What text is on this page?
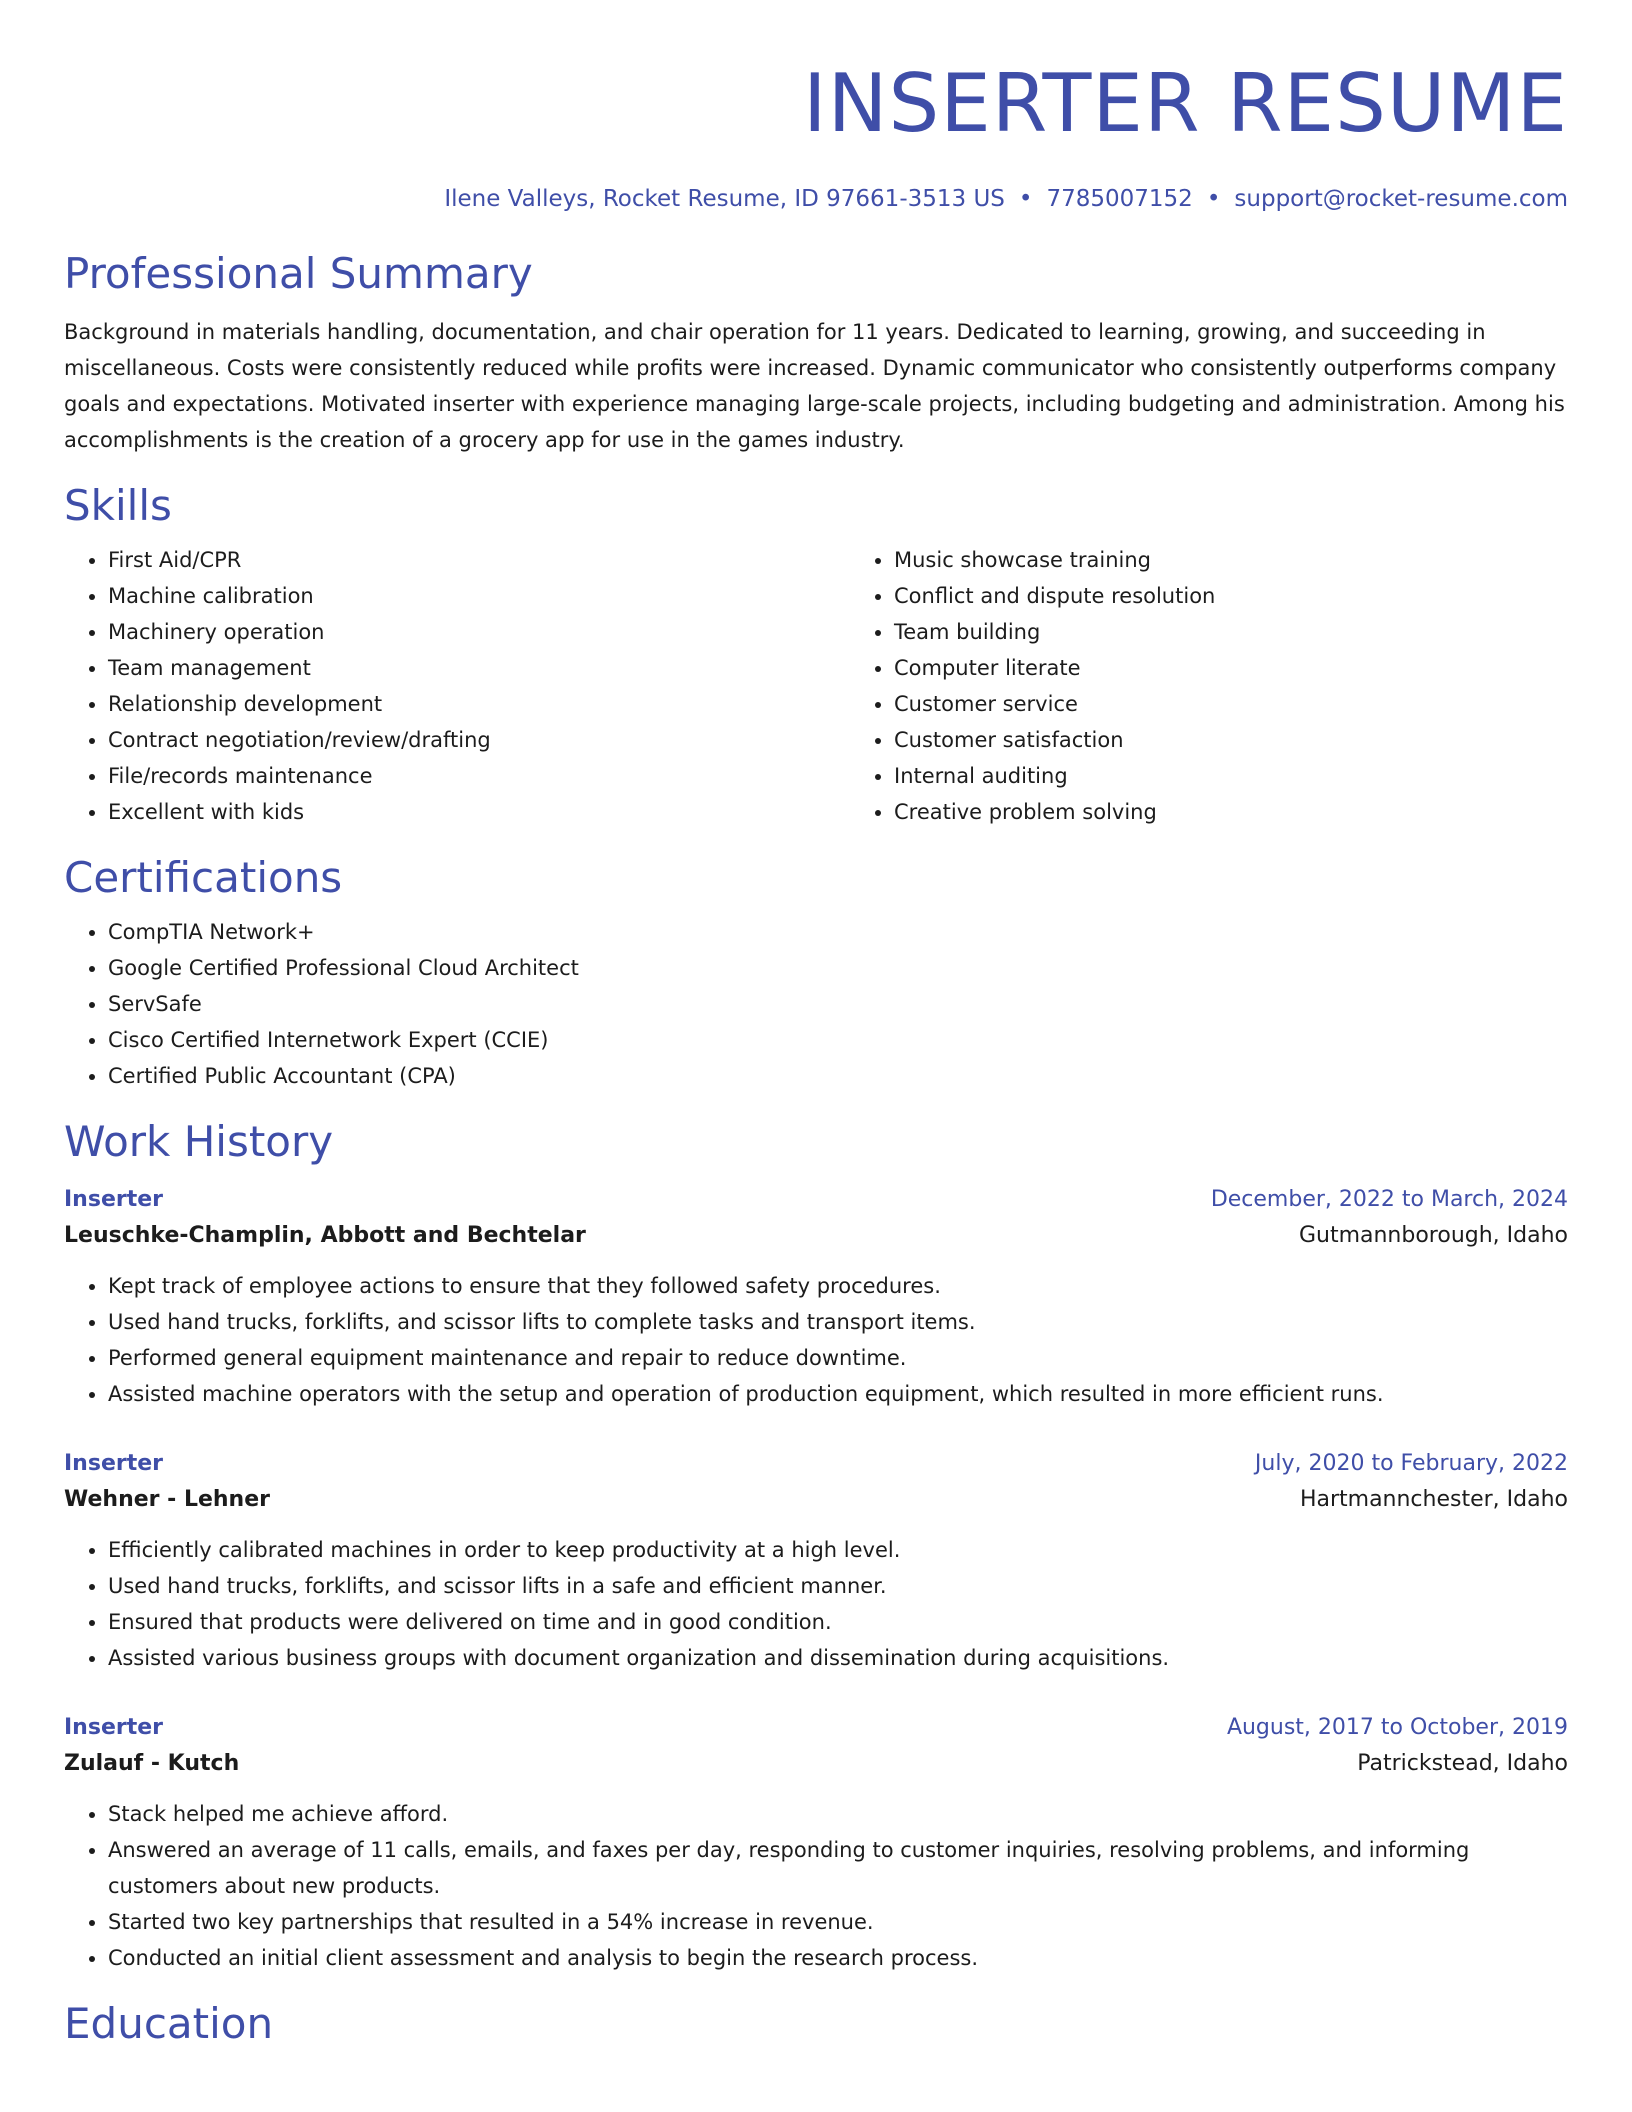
INSERTER RESUME
Ilene Valleys, Rocket Resume, ID 97661-3513 US • 7785007152 • support@rocket-resume.com
Professional Summary
Background in materials handling, documentation, and chair operation for 11 years. Dedicated to learning, growing, and succeeding in miscellaneous. Costs were consistently reduced while profits were increased. Dynamic communicator who consistently outperforms company goals and expectations. Motivated inserter with experience managing large-scale projects, including budgeting and administration. Among his accomplishments is the creation of a grocery app for use in the games industry.
Skills
• First Aid/CPR
• Machine calibration
• Machinery operation
• Team management
• Relationship development
• Contract negotiation/review/drafting
• File/records maintenance
• Excellent with kids
• Music showcase training
• Conflict and dispute resolution
• Team building
• Computer literate
• Customer service
• Customer satisfaction
• Internal auditing
• Creative problem solving
Certifications
• CompTIA Network+
• Google Certified Professional Cloud Architect
• ServSafe
• Cisco Certified Internetwork Expert (CCIE)
• Certified Public Accountant (CPA)
Work History
Inserter	December, 2022 to March, 2024
Leuschke-Champlin, Abbott and Bechtelar	Gutmannborough, Idaho
• Kept track of employee actions to ensure that they followed safety procedures.
• Used hand trucks, forklifts, and scissor lifts to complete tasks and transport items.
• Performed general equipment maintenance and repair to reduce downtime.
• Assisted machine operators with the setup and operation of production equipment, which resulted in more efficient runs.
Inserter	July, 2020 to February, 2022
Wehner - Lehner	Hartmannchester, Idaho
• Efficiently calibrated machines in order to keep productivity at a high level.
• Used hand trucks, forklifts, and scissor lifts in a safe and efficient manner.
• Ensured that products were delivered on time and in good condition.
• Assisted various business groups with document organization and dissemination during acquisitions.
Inserter	August, 2017 to October, 2019
Zulauf - Kutch	Patrickstead, Idaho
• Stack helped me achieve afford.
• Answered an average of 11 calls, emails, and faxes per day, responding to customer inquiries, resolving problems, and informing customers about new products.
• Started two key partnerships that resulted in a 54% increase in revenue.
• Conducted an initial client assessment and analysis to begin the research process.
Education
